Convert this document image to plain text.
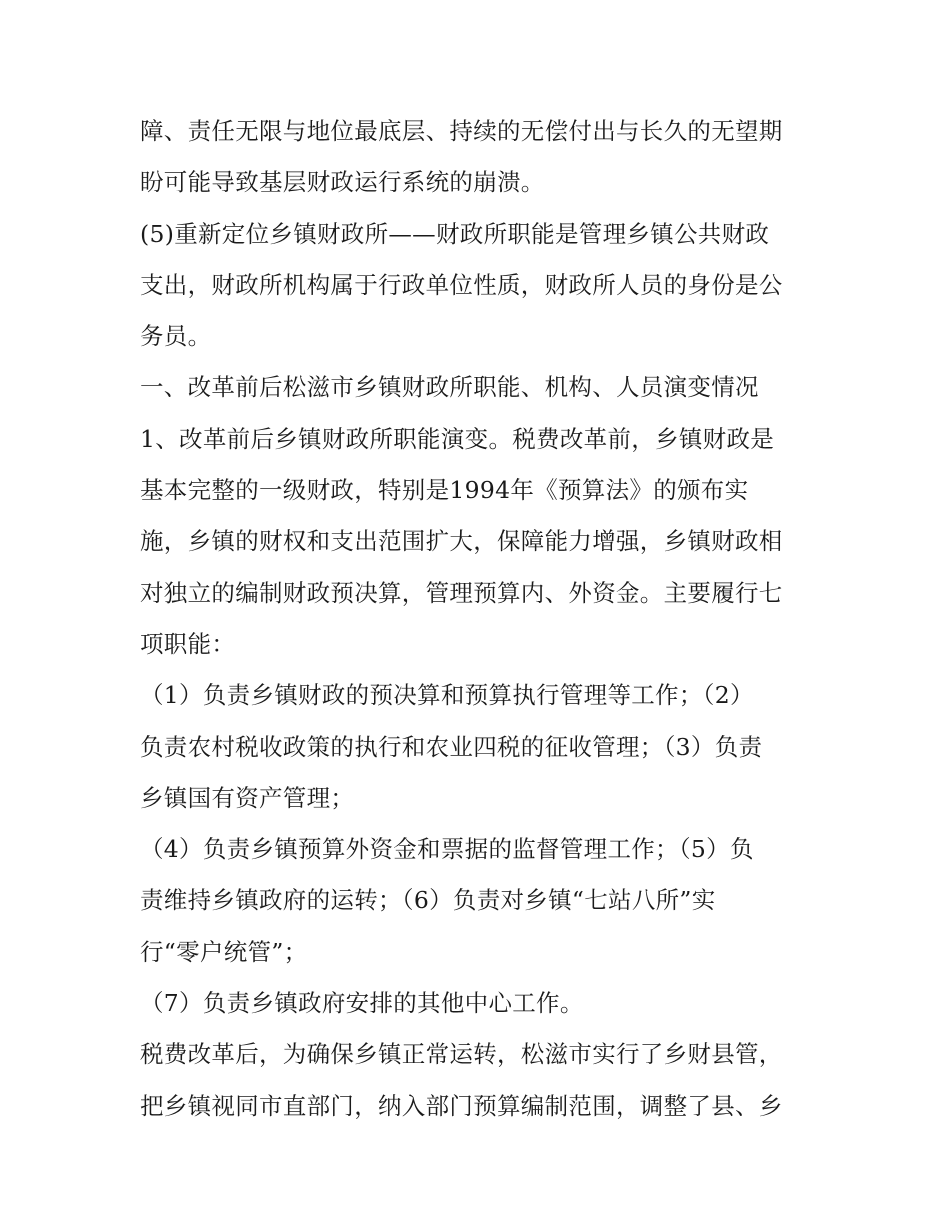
障、责任无限与地位最底层、持续的无偿付出与长久的无望期
盼可能导致基层财政运行系统的崩溃。
(5)重新定位乡镇财政所——财政所职能是管理乡镇公共财政
支出，财政所机构属于行政单位性质，财政所人员的身份是公
务员。
一、改革前后松滋市乡镇财政所职能、机构、人员演变情况
1、改革前后乡镇财政所职能演变。税费改革前，乡镇财政是
基本完整的一级财政，特别是1994年《预算法》的颁布实
施，乡镇的财权和支出范围扩大，保障能力增强，乡镇财政相
对独立的编制财政预决算，管理预算内、外资金。主要履行七
项职能：
（1）负责乡镇财政的预决算和预算执行管理等工作；（2）
负责农村税收政策的执行和农业四税的征收管理；（3）负责
乡镇国有资产管理；
（4）负责乡镇预算外资金和票据的监督管理工作；（5）负
责维持乡镇政府的运转；（6）负责对乡镇“七站八所”实
行“零户统管”；
（7）负责乡镇政府安排的其他中心工作。
税费改革后，为确保乡镇正常运转，松滋市实行了乡财县管，
把乡镇视同市直部门，纳入部门预算编制范围，调整了县、乡
